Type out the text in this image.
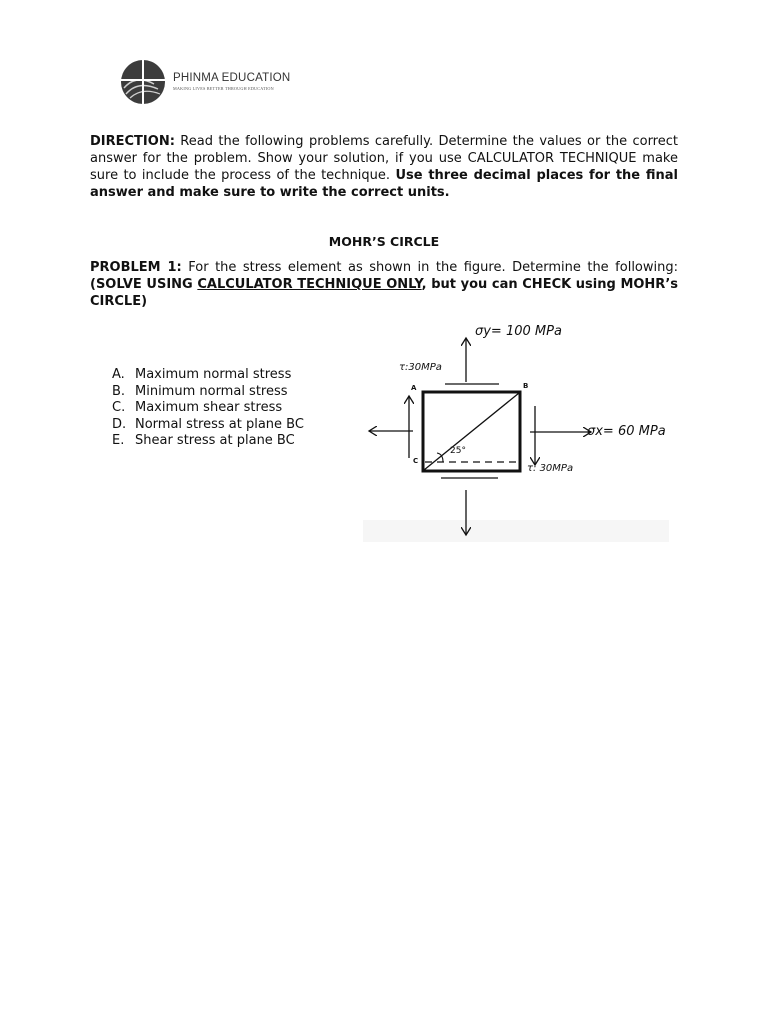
PHINMA EDUCATION
MAKING LIVES BETTER THROUGH EDUCATION
DIRECTION: Read the following problems carefully. Determine the values or the correct answer for the problem. Show your solution, if you use CALCULATOR TECHNIQUE make sure to include the process of the technique. Use three decimal places for the final answer and make sure to write the correct units.
MOHR’S CIRCLE
PROBLEM 1: For the stress element as shown in the figure. Determine the following: (SOLVE USING CALCULATOR TECHNIQUE ONLY, but you can CHECK using MOHR’s CIRCLE)
A. Maximum normal stress
B. Minimum normal stress
C. Maximum shear stress
D. Normal stress at plane BC
E. Shear stress at plane BC
σy= 100 MPa
τ:30MPa
σx= 60 MPa
τ: 30MPa
25°
A	B
C
